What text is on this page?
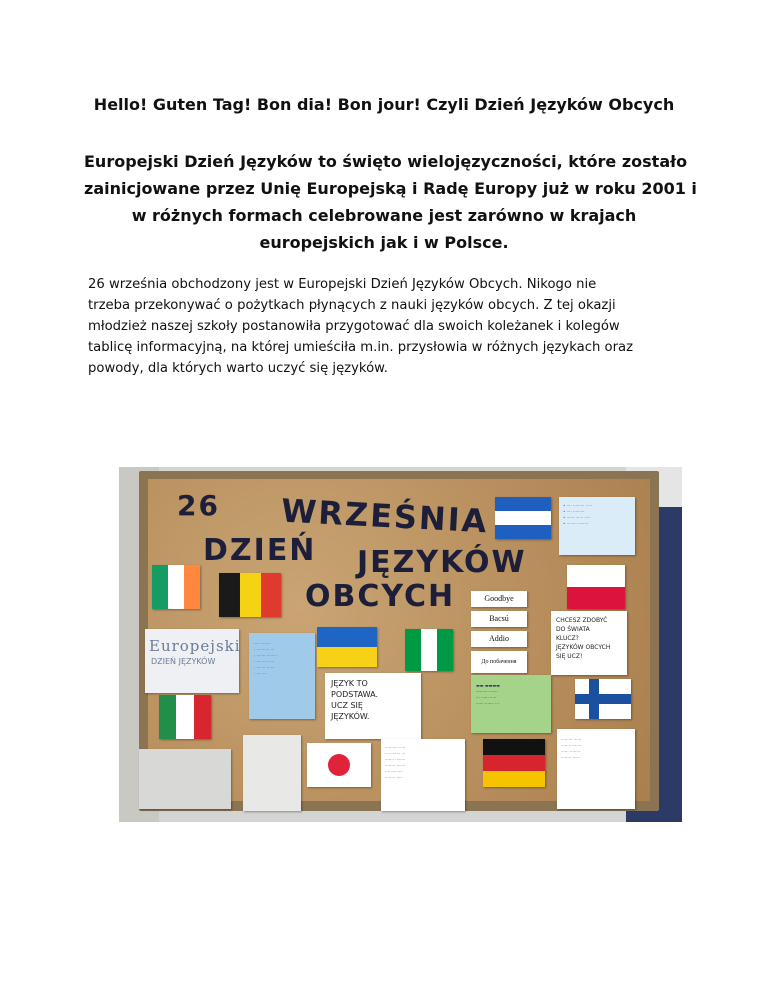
Hello! Guten Tag! Bon dia! Bon jour! Czyli Dzień Języków Obcych
Europejski Dzień Języków to święto wielojęzyczności, które zostało
zainicjowane przez Unię Europejską i Radę Europy już w roku 2001 i
w różnych formach celebrowane jest zarówno w krajach
europejskich jak i w Polsce.
26 września obchodzony jest w Europejski Dzień Języków Obcych. Nikogo nie
trzeba przekonywać o pożytkach płynących z nauki języków obcych. Z tej okazji
młodzież naszej szkoły postanowiła przygotować dla swoich koleżanek i kolegów
tablicę informacyjną, na której umieściła m.in. przysłowia w różnych językach oraz
powody, dla których warto uczyć się języków.
26 WRZEŚNIA
DZIEŃ JĘZYKÓW
OBCYCH
• ···· ········· ·····
• ···· ·········
• ······ ······ ·····
• ········ ········
Goodbye
Bacsú
Addio
До побачення
Europejski
DZIEŃ JĘZYKÓW
···· ········
· ·········· ···
· ······· ········
· ········ ·····
· ······· ······
· ········
JĘZYK TO
PODSTAWA.
UCZ SIĘ
JĘZYKÓW.
CHCESZ ZDOBYĆ
DO ŚWIATA
KLUCZ?
JĘZYKÓW OBCYCH
SIĘ UCZ!
▬▬ ▬▬▬▬
·········· ······
··· ······ ·····
······ ······· ···
·········· ·····
··· ········ ···
······· ········
········ ·······
···· ·········
········ ·····
········· ······
········ ·······
······ ········
········ ······
